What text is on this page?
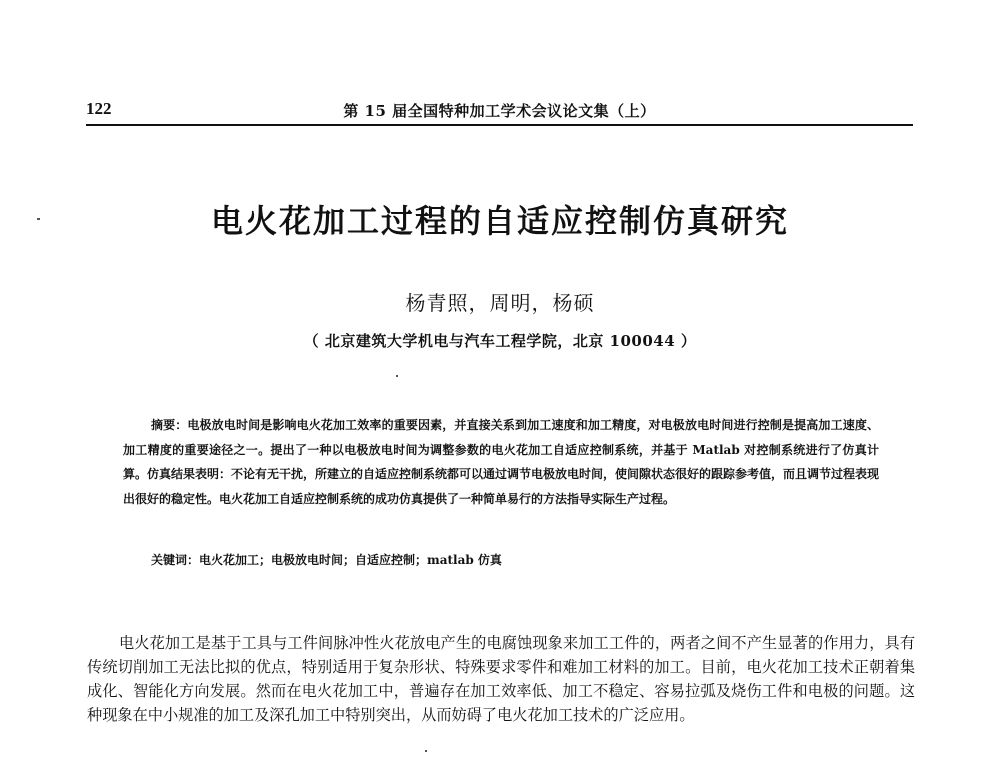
122	第 15 届全国特种加工学术会议论文集（上）
电火花加工过程的自适应控制仿真研究
杨青照，周明，杨硕
（ 北京建筑大学机电与汽车工程学院，北京 100044 ）
摘要：电极放电时间是影响电火花加工效率的重要因素，并直接关系到加工速度和加工精度，对电极放电时间进行控制是提高加工速度、加工精度的重要途径之一。提出了一种以电极放电时间为调整参数的电火花加工自适应控制系统，并基于 Matlab 对控制系统进行了仿真计算。仿真结果表明：不论有无干扰，所建立的自适应控制系统都可以通过调节电极放电时间，使间隙状态很好的跟踪参考值，而且调节过程表现出很好的稳定性。电火花加工自适应控制系统的成功仿真提供了一种简单易行的方法指导实际生产过程。
关键词：电火花加工；电极放电时间；自适应控制；matlab 仿真
电火花加工是基于工具与工件间脉冲性火花放电产生的电腐蚀现象来加工工件的，两者之间不产生显著的作用力，具有传统切削加工无法比拟的优点，特别适用于复杂形状、特殊要求零件和难加工材料的加工。目前，电火花加工技术正朝着集成化、智能化方向发展。然而在电火花加工中，普遍存在加工效率低、加工不稳定、容易拉弧及烧伤工件和电极的问题。这种现象在中小规准的加工及深孔加工中特别突出，从而妨碍了电火花加工技术的广泛应用。
